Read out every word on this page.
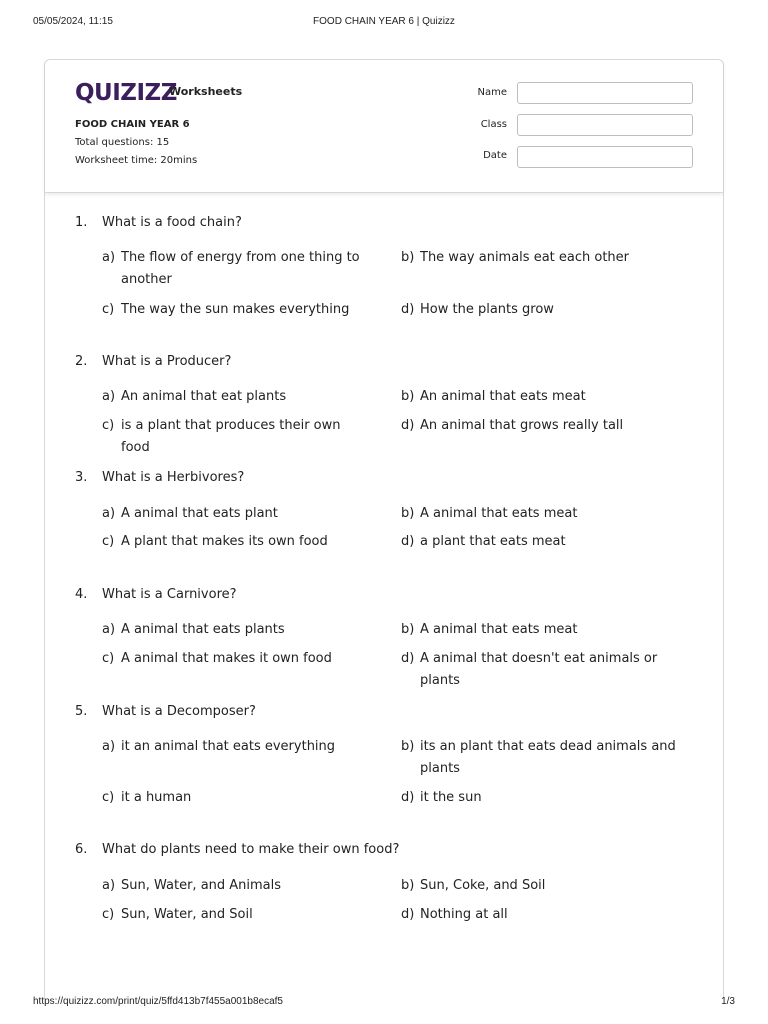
05/05/2024, 11:15	FOOD CHAIN YEAR 6 | Quizizz
QUIZIZZ
Worksheets
FOOD CHAIN YEAR 6
Total questions: 15
Worksheet time: 20mins
Name
Class
Date
1. What is a food chain?
a) The flow of energy from one thing to another
b) The way animals eat each other
c) The way the sun makes everything	d) How the plants grow
2. What is a Producer?
a) An animal that eat plants	b) An animal that eats meat
c) is a plant that produces their own food
d) An animal that grows really tall
3. What is a Herbivores?
a) A animal that eats plant	b) A animal that eats meat
c) A plant that makes its own food	d) a plant that eats meat
4. What is a Carnivore?
a) A animal that eats plants	b) A animal that eats meat
c) A animal that makes it own food	d) A animal that doesn't eat animals or plants
5. What is a Decomposer?
a) it an animal that eats everything	b) its an plant that eats dead animals and plants
c) it a human	d) it the sun
6. What do plants need to make their own food?
a) Sun, Water, and Animals	b) Sun, Coke, and Soil
c) Sun, Water, and Soil	d) Nothing at all
https://quizizz.com/print/quiz/5ffd413b7f455a001b8ecaf5	1/3
